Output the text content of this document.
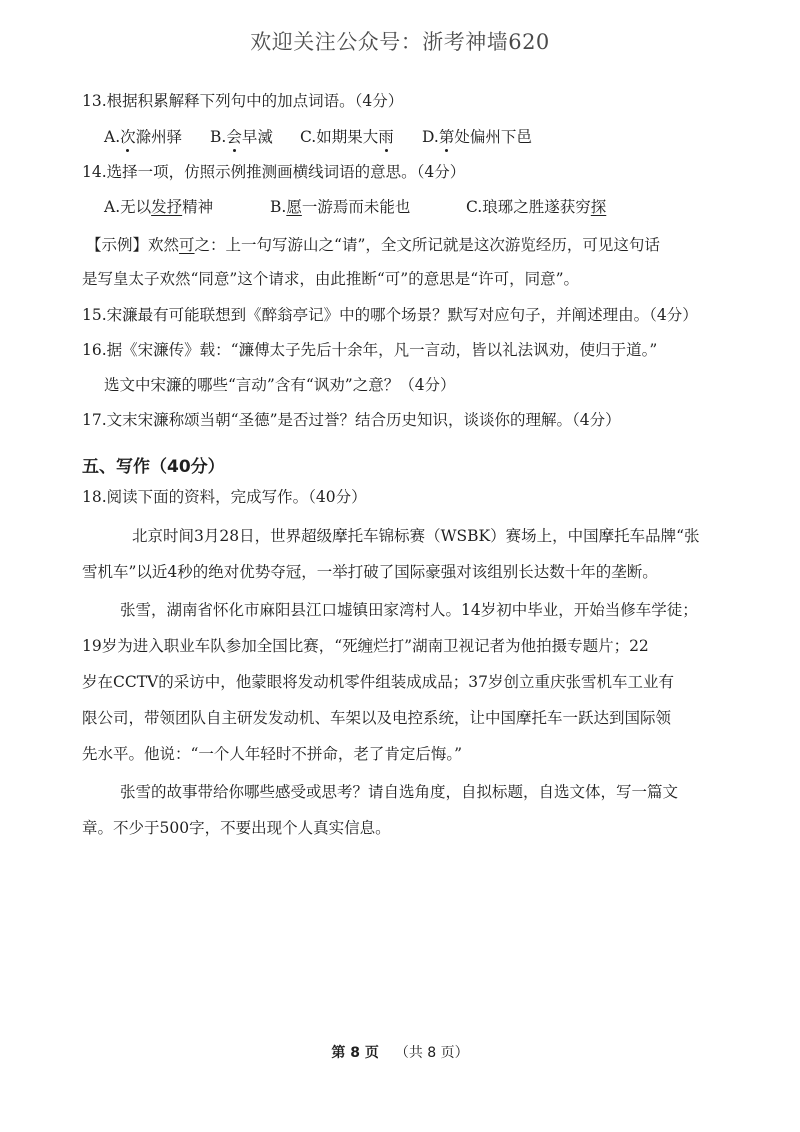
欢迎关注公众号：浙考神墙620
13.根据积累解释下列句中的加点词语。（4分）
A.次
滁州驿 B.会
早㵄 C.如期果大雨 D.第
处偏州下邑
14.选择一项，仿照示例推测画横线词语的意思。（4分）
A.无以发抒精神	B.愿一游焉而未能也	C.琅琊之胜遂获穷探
【示例】欢然可之：上一句写游山之“请”，全文所记就是这次游览经历，可见这句话
是写皇太子欢然“同意”这个请求，由此推断“可”的意思是“许可，同意”。
15.宋濂最有可能联想到《醉翁亭记》中的哪个场景？默写对应句子，并阐述理由。（4分）
16.据《宋濂传》载：“濂傅太子先后十余年，凡一言动，皆以礼法讽劝，使归于道。”
选文中宋濂的哪些“言动”含有“讽劝”之意？（4分）
17.文末宋濂称颂当朝“圣德”是否过誉？结合历史知识，谈谈你的理解。（4分）
五、写作（40分）
18.阅读下面的资料，完成写作。（40分）
北京时间3月28日，世界超级摩托车锦标赛（WSBK）赛场上，中国摩托车品牌“张
雪机车”以近4秒的绝对优势夺冠，一举打破了国际豪强对该组别长达数十年的垄断。
张雪，湖南省怀化市麻阳县江口墟镇田家湾村人。14岁初中毕业，开始当修车学徒；
19岁为进入职业车队参加全国比赛，“死缠烂打”湖南卫视记者为他拍摄专题片；22
岁在CCTV的采访中，他蒙眼将发动机零件组装成成品；37岁创立重庆张雪机车工业有
限公司，带领团队自主研发发动机、车架以及电控系统，让中国摩托车一跃达到国际领
先水平。他说：“一个人年轻时不拼命，老了肯定后悔。”
张雪的故事带给你哪些感受或思考？请自选角度，自拟标题，自选文体，写一篇文
章。不少于500字，不要出现个人真实信息。
第 8 页 （共 8 页）
